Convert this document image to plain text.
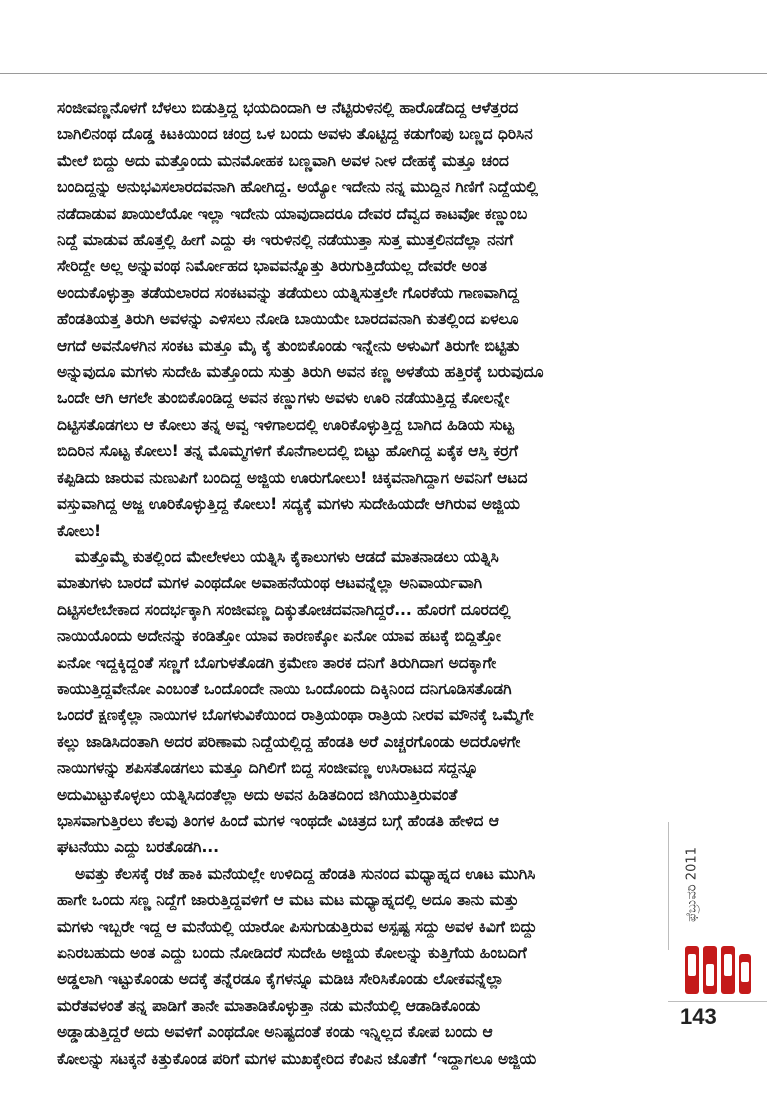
ಸಂಜೀವಣ್ಣನೊಳಗೆ ಬೆಳಲು ಬಿಡುತ್ತಿದ್ದ ಭಯದಿಂದಾಗಿ ಆ ನೆಟ್ಟಿರುಳಿನಲ್ಲಿ ಹಾರೊಡೆದಿದ್ದ ಆಳೆತ್ತರದ

ಬಾಗಿಲಿನಂಥ ದೊಡ್ಡ ಕಿಟಕಿಯಿಂದ ಚಂದ್ರ ಒಳ ಬಂದು ಅವಳು ತೊಟ್ಟಿದ್ದ ಕಡುಗೆಂಪು ಬಣ್ಣದ ಧಿರಿಸಿನ

ಮೇಲೆ ಬಿದ್ದು ಅದು ಮತ್ತೊಂದು ಮನಮೋಹಕ ಬಣ್ಣವಾಗಿ ಅವಳ ನೀಳ ದೇಹಕ್ಕೆ ಮತ್ತೂ ಚಂದ

ಬಂದಿದ್ದನ್ನು ಅನುಭವಿಸಲಾರದವನಾಗಿ ಹೋಗಿದ್ದ. ಅಯ್ಯೋ ಇದೇನು ನನ್ನ ಮುದ್ದಿನ ಗಿಣಿಗೆ ನಿದ್ದೆಯಲ್ಲಿ

ನಡೆದಾಡುವ ಖಾಯಿಲೆಯೋ ಇಲ್ಲಾ ಇದೇನು ಯಾವುದಾದರೂ ದೇವರ ದೆವ್ವದ ಕಾಟವೋ ಕಣ್ಣುಂಬ

ನಿದ್ದೆ ಮಾಡುವ ಹೊತ್ತಲ್ಲಿ ಹೀಗೆ ಎದ್ದು ಈ ಇರುಳಿನಲ್ಲಿ ನಡೆಯುತ್ತಾ ಸುತ್ತ ಮುತ್ತಲಿನದೆಲ್ಲಾ ನನಗೆ

ಸೇರಿದ್ದೇ ಅಲ್ಲ ಅನ್ನುವಂಥ ನಿರ್ಮೋಹದ ಭಾವವನ್ನೊತ್ತು ತಿರುಗುತ್ತಿದೆಯಲ್ಲ ದೇವರೇ ಅಂತ

ಅಂದುಕೊಳ್ಳುತ್ತಾ ತಡೆಯಲಾರದ ಸಂಕಟವನ್ನು ತಡೆಯಲು ಯತ್ನಿಸುತ್ತಲೇ ಗೊರಕೆಯ ಗಾಣವಾಗಿದ್ದ

ಹೆಂಡತಿಯತ್ತ ತಿರುಗಿ ಅವಳನ್ನು ಎಳಿಸಲು ನೋಡಿ ಬಾಯಿಯೇ ಬಾರದವನಾಗಿ ಕುತಲ್ಲಿಂದ ಏಳಲೂ

ಆಗದೆ ಅವನೊಳಗಿನ ಸಂಕಟ ಮತ್ತೂ ಮೈ ಕೈ ತುಂಬಿಕೊಂಡು ಇನ್ನೇನು ಅಳುವಿಗೆ ತಿರುಗೇ ಬಿಟ್ಟಿತು

ಅನ್ನುವುದೂ ಮಗಳು ಸುದೇಹಿ ಮತ್ತೊಂದು ಸುತ್ತು ತಿರುಗಿ ಅವನ ಕಣ್ಣ ಅಳತೆಯ ಹತ್ತಿರಕ್ಕೆ ಬರುವುದೂ

ಒಂದೇ ಆಗಿ ಆಗಲೇ ತುಂಬಿಕೊಂಡಿದ್ದ ಅವನ ಕಣ್ಣುಗಳು ಅವಳು ಊರಿ ನಡೆಯುತ್ತಿದ್ದ ಕೋಲನ್ನೇ

ದಿಟ್ಟಿಸತೊಡಗಲು ಆ ಕೋಲು ತನ್ನ ಅವ್ವ ಇಳಿಗಾಲದಲ್ಲಿ ಊರಿಕೊಳ್ಳುತ್ತಿದ್ದ ಬಾಗಿದ ಹಿಡಿಯ ಸುಟ್ಟ

ಬಿದಿರಿನ ಸೊಟ್ಟ ಕೋಲು! ತನ್ನ ಮೊಮ್ಮಗಳಿಗೆ ಕೊನೆಗಾಲದಲ್ಲಿ ಬಿಟ್ಟು ಹೋಗಿದ್ದ ಏಕೈಕ ಆಸ್ತಿ ಕರ್ರಗೆ

ಕಪ್ಪಿಡಿದು ಜಾರುವ ನುಣುಪಿಗೆ ಬಂದಿದ್ದ ಅಜ್ಜಿಯ ಊರುಗೋಲು! ಚಿಕ್ಕವನಾಗಿದ್ದಾಗ ಅವನಿಗೆ ಆಟದ

ವಸ್ತುವಾಗಿದ್ದ ಅಜ್ಜ ಊರಿಕೊಳ್ಳುತ್ತಿದ್ದ ಕೋಲು! ಸದ್ಯಕ್ಕೆ ಮಗಳು ಸುದೇಹಿಯದೇ ಆಗಿರುವ ಅಜ್ಜಿಯ

ಕೋಲು!

ಮತ್ತೊಮ್ಮೆ ಕುತಲ್ಲಿಂದ ಮೇಲೇಳಲು ಯತ್ನಿಸಿ ಕೈಕಾಲುಗಳು ಆಡದೆ ಮಾತನಾಡಲು ಯತ್ನಿಸಿ

ಮಾತುಗಳು ಬಾರದೆ ಮಗಳ ಎಂಥದೋ ಅವಾಹನೆಯಂಥ ಆಟವನ್ನೆಲ್ಲಾ ಅನಿವಾರ್ಯವಾಗಿ

ದಿಟ್ಟಿಸಲೇಬೇಕಾದ ಸಂದರ್ಭಕ್ಕಾಗಿ ಸಂಜೀವಣ್ಣ ದಿಕ್ಕುತೋಚದವನಾಗಿದ್ದರೆ... ಹೊರಗೆ ದೂರದಲ್ಲಿ

ನಾಯಿಯೊಂದು ಅದೇನನ್ನು ಕಂಡಿತ್ತೋ ಯಾವ ಕಾರಣಕ್ಕೋ ಏನೋ ಯಾವ ಹಟಕ್ಕೆ ಬಿದ್ದಿತ್ತೋ

ಏನೋ ಇದ್ದಕ್ಕಿದ್ದಂತೆ ಸಣ್ಣಗೆ ಬೊಗುಳತೊಡಗಿ ಕ್ರಮೇಣ ತಾರಕ ದನಿಗೆ ತಿರುಗಿದಾಗ ಅದಕ್ಕಾಗೇ

ಕಾಯುತ್ತಿದ್ದವೇನೋ ಎಂಬಂತೆ ಒಂದೊಂದೇ ನಾಯಿ ಒಂದೊಂದು ದಿಕ್ಕಿನಿಂದ ದನಿಗೂಡಿಸತೊಡಗಿ

ಒಂದರೆ ಕ್ಷಣಕ್ಕೆಲ್ಲಾ ನಾಯಿಗಳ ಬೊಗಳುವಿಕೆಯಿಂದ ರಾತ್ರಿಯಂಥಾ ರಾತ್ರಿಯ ನೀರವ ಮೌನಕ್ಕೆ ಒಮ್ಮೆಗೇ

ಕಲ್ಲು ಜಾಡಿಸಿದಂತಾಗಿ ಅದರ ಪರಿಣಾಮ ನಿದ್ದೆಯಲ್ಲಿದ್ದ ಹೆಂಡತಿ ಅರೆ ಎಚ್ಚರಗೊಂಡು ಅದರೊಳಗೇ

ನಾಯಿಗಳನ್ನು ಶಪಿಸತೊಡಗಲು ಮತ್ತೂ ದಿಗಿಲಿಗೆ ಬಿದ್ದ ಸಂಜೀವಣ್ಣ ಉಸಿರಾಟದ ಸದ್ದನ್ನೂ

ಅದುಮಿಟ್ಟುಕೊಳ್ಳಲು ಯತ್ನಿಸಿದಂತೆಲ್ಲಾ ಅದು ಅವನ ಹಿಡಿತದಿಂದ ಜಿಗಿಯುತ್ತಿರುವಂತೆ

ಭಾಸವಾಗುತ್ತಿರಲು ಕೆಲವು ತಿಂಗಳ ಹಿಂದೆ ಮಗಳ ಇಂಥದೇ ವಿಚಿತ್ರದ ಬಗ್ಗೆ ಹೆಂಡತಿ ಹೇಳಿದ ಆ

ಘಟನೆಯು ಎದ್ದು ಬರತೊಡಗಿ...

ಅವತ್ತು ಕೆಲಸಕ್ಕೆ ರಜೆ ಹಾಕಿ ಮನೆಯಲ್ಲೇ ಉಳಿದಿದ್ದ ಹೆಂಡತಿ ಸುನಂದ ಮಧ್ಯಾಹ್ನದ ಊಟ ಮುಗಿಸಿ

ಹಾಗೇ ಒಂದು ಸಣ್ಣ ನಿದ್ದೆಗೆ ಜಾರುತ್ತಿದ್ದವಳಿಗೆ ಆ ಮಟ ಮಟ ಮಧ್ಯಾಹ್ನದಲ್ಲಿ ಅದೂ ತಾನು ಮತ್ತು

ಮಗಳು ಇಬ್ಬರೇ ಇದ್ದ ಆ ಮನೆಯಲ್ಲಿ ಯಾರೋ ಪಿಸುಗುಡುತ್ತಿರುವ ಅಸ್ಪಷ್ಟ ಸದ್ದು ಅವಳ ಕಿವಿಗೆ ಬಿದ್ದು

ಏನಿರಬಹುದು ಅಂತ ಎದ್ದು ಬಂದು ನೋಡಿದರೆ ಸುದೇಹಿ ಅಜ್ಜಿಯ ಕೋಲನ್ನು ಕುತ್ತಿಗೆಯ ಹಿಂಬದಿಗೆ

ಅಡ್ಡಲಾಗಿ ಇಟ್ಟುಕೊಂಡು ಅದಕ್ಕೆ ತನ್ನೆರಡೂ ಕೈಗಳನ್ನೂ ಮಡಿಚಿ ಸೇರಿಸಿಕೊಂಡು ಲೋಕವನ್ನೆಲ್ಲಾ

ಮರೆತವಳಂತೆ ತನ್ನ ಪಾಡಿಗೆ ತಾನೇ ಮಾತಾಡಿಕೊಳ್ಳುತ್ತಾ ನಡು ಮನೆಯಲ್ಲಿ ಆಡಾಡಿಕೊಂಡು

ಅಡ್ಡಾಡುತ್ತಿದ್ದರೆ ಅದು ಅವಳಿಗೆ ಎಂಥದೋ ಅನಿಷ್ಟದಂತೆ ಕಂಡು ಇನ್ನಿಲ್ಲದ ಕೋಪ ಬಂದು ಆ

ಕೋಲನ್ನು ಸಟಕ್ಕನೆ ಕಿತ್ತುಕೊಂಡ ಪರಿಗೆ ಮಗಳ ಮುಖಕ್ಕೇರಿದ ಕೆಂಪಿನ ಜೊತೆಗೆ ‘ಇದ್ದಾಗಲೂ ಅಜ್ಜಿಯ

ಫೆಬ್ರುವರಿ 2011
143
